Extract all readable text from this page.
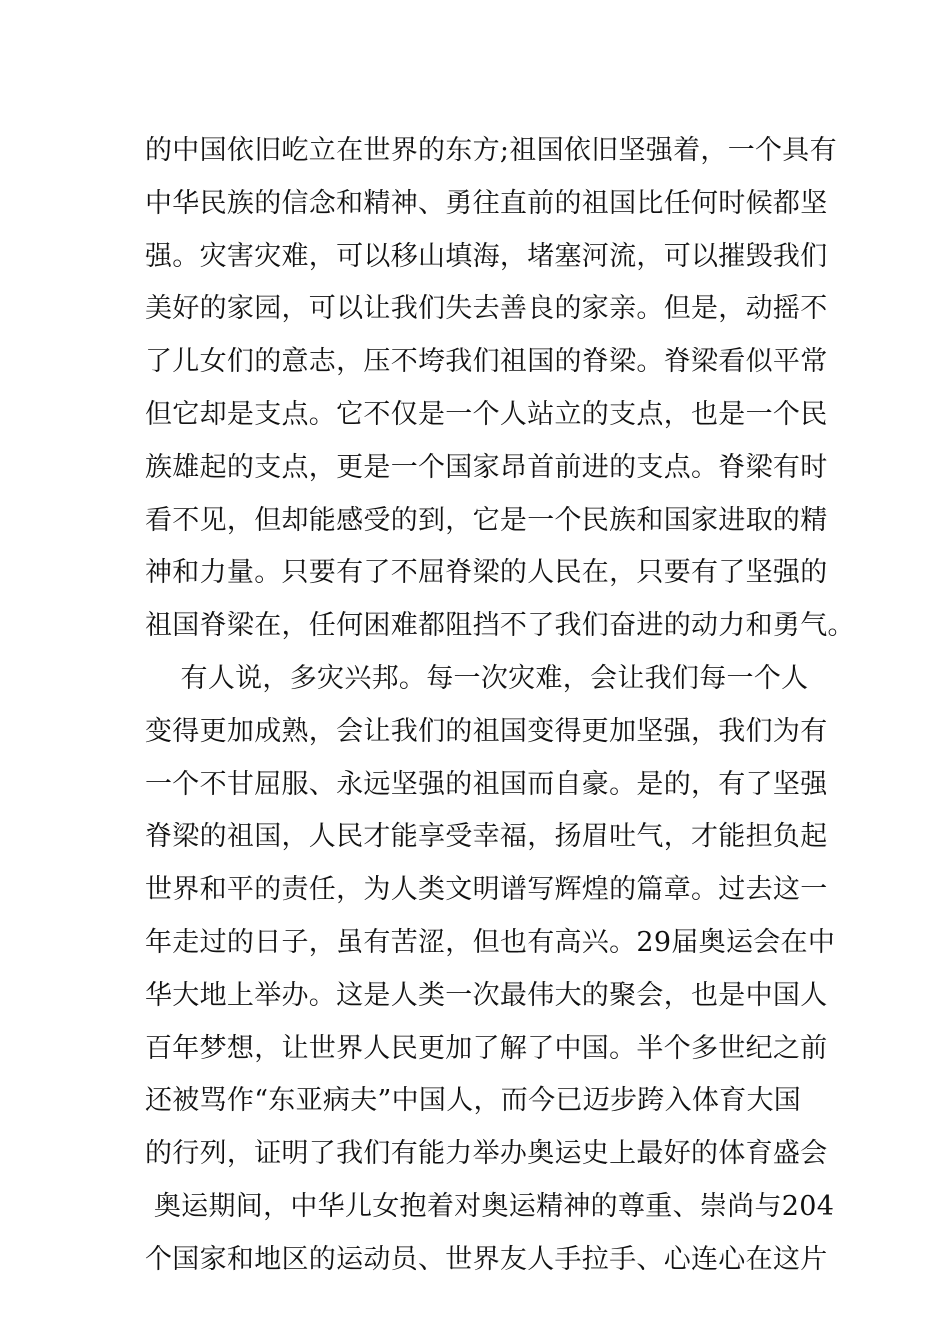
的中国依旧屹立在世界的东方;祖国依旧坚强着，一个具有
中华民族的信念和精神、勇往直前的祖国比任何时候都坚
强。灾害灾难，可以移山填海，堵塞河流，可以摧毁我们
美好的家园，可以让我们失去善良的家亲。但是，动摇不
了儿女们的意志，压不垮我们祖国的脊梁。脊梁看似平常
但它却是支点。它不仅是一个人站立的支点，也是一个民
族雄起的支点，更是一个国家昂首前进的支点。脊梁有时
看不见，但却能感受的到，它是一个民族和国家进取的精
神和力量。只要有了不屈脊梁的人民在，只要有了坚强的
祖国脊梁在，任何困难都阻挡不了我们奋进的动力和勇气。
有人说，多灾兴邦。每一次灾难，会让我们每一个人
变得更加成熟，会让我们的祖国变得更加坚强，我们为有
一个不甘屈服、永远坚强的祖国而自豪。是的，有了坚强
脊梁的祖国，人民才能享受幸福，扬眉吐气，才能担负起
世界和平的责任，为人类文明谱写辉煌的篇章。过去这一
年走过的日子，虽有苦涩，但也有高兴。29届奥运会在中
华大地上举办。这是人类一次最伟大的聚会，也是中国人
百年梦想，让世界人民更加了解了中国。半个多世纪之前
还被骂作“东亚病夫”中国人，而今已迈步跨入体育大国
的行列，证明了我们有能力举办奥运史上最好的体育盛会
奥运期间，中华儿女抱着对奥运精神的尊重、崇尚与204
个国家和地区的运动员、世界友人手拉手、心连心在这片
